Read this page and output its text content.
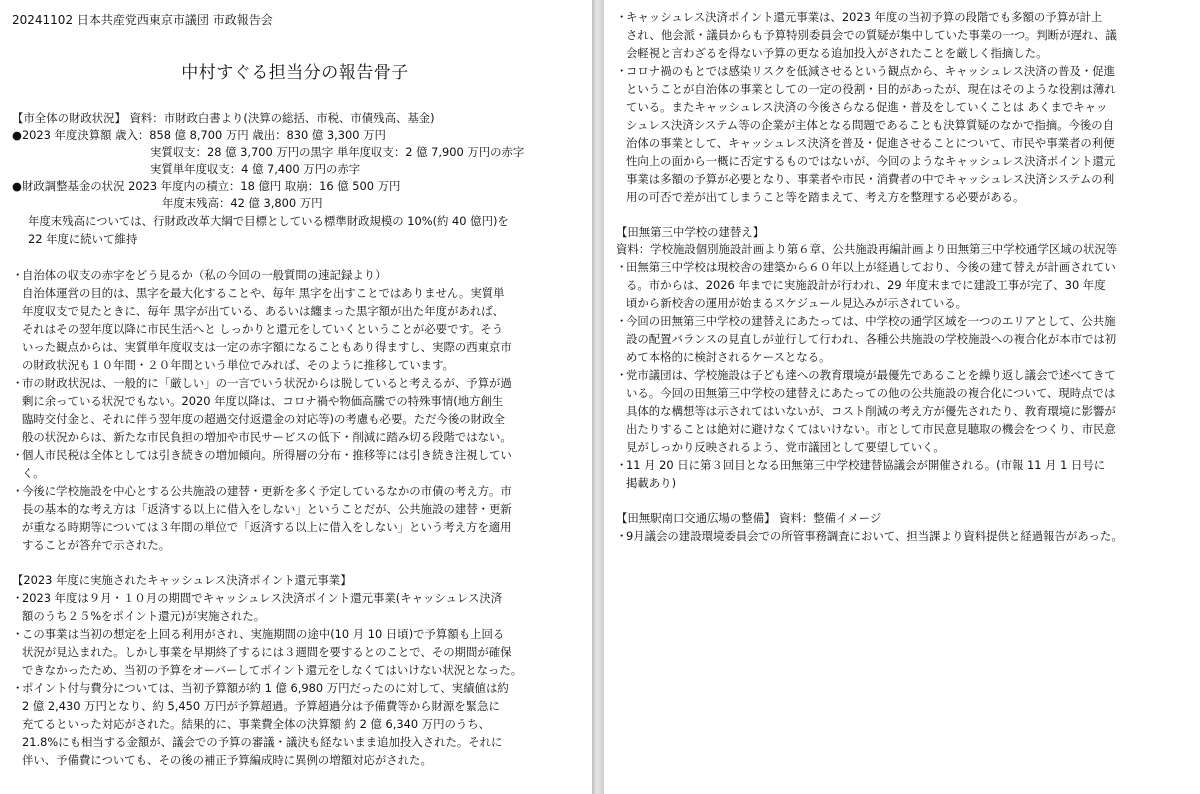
20241102 日本共産党西東京市議団 市政報告会
中村すぐる担当分の報告骨子
【市全体の財政状況】 資料：市財政白書より(決算の総括、市税、市債残高、基金)
●2023 年度決算額 歳入：858 億 8,700 万円 歳出：830 億 3,300 万円
実質収支：28 億 3,700 万円の黒字 単年度収支：2 億 7,900 万円の赤字
実質単年度収支：4 億 7,400 万円の赤字
●財政調整基金の状況 2023 年度内の積立：18 億円 取崩：16 億 500 万円
年度末残高：42 億 3,800 万円
年度末残高については、行財政改革大綱で目標としている標準財政規模の 10%(約 40 億円)を
22 年度に続いて維持
・
自治体の収支の赤字をどう見るか（私の今回の一般質問の速記録より）
自治体運営の目的は、黒字を最大化することや、毎年 黒字を出すことではありません。実質単
年度収支で見たときに、毎年 黒字が出ている、あるいは纏まった黒字額が出た年度があれば、
それはその翌年度以降に市民生活へと しっかりと還元をしていくということが必要です。そう
いった観点からは、実質単年度収支は一定の赤字額になることもあり得ますし、実際の西東京市
の財政状況も１０年間・２０年間という単位でみれば、そのように推移しています。
・
市の財政状況は、一般的に「厳しい」の一言でいう状況からは脱していると考えるが、予算が過
剰に余っている状況でもない。2020 年度以降は、コロナ禍や物価高騰での特殊事情(地方創生
臨時交付金と、それに伴う翌年度の超過交付返還金の対応等)の考慮も必要。ただ今後の財政全
般の状況からは、新たな市民負担の増加や市民サービスの低下・削減に踏み切る段階ではない。
・
個人市民税は全体としては引き続きの増加傾向。所得層の分布・推移等には引き続き注視してい
く。
・
今後に学校施設を中心とする公共施設の建替・更新を多く予定しているなかの市債の考え方。市
長の基本的な考え方は「返済する以上に借入をしない」ということだが、公共施設の建替・更新
が重なる時期等については３年間の単位で「返済する以上に借入をしない」という考え方を適用
することが答弁で示された。
【2023 年度に実施されたキャッシュレス決済ポイント還元事業】
・
2023 年度は９月・１０月の期間でキャッシュレス決済ポイント還元事業(キャッシュレス決済
額のうち２５%をポイント還元)が実施された。
・
この事業は当初の想定を上回る利用がされ、実施期間の途中(10 月 10 日頃)で予算額も上回る
状況が見込まれた。しかし事業を早期終了するには３週間を要するとのことで、その期間が確保
できなかったため、当初の予算をオーバーしてポイント還元をしなくてはいけない状況となった。
・
ポイント付与費分については、当初予算額が約 1 億 6,980 万円だったのに対して、実績値は約
2 億 2,430 万円となり、約 5,450 万円が予算超過。予算超過分は予備費等から財源を緊急に
充てるといった対応がされた。結果的に、事業費全体の決算額 約 2 億 6,340 万円のうち、
21.8%にも相当する金額が、議会での予算の審議・議決も経ないまま追加投入された。それに
伴い、予備費についても、その後の補正予算編成時に異例の増額対応がされた。
・
キャッシュレス決済ポイント還元事業は、2023 年度の当初予算の段階でも多額の予算が計上
され、他会派・議員からも予算特別委員会での質疑が集中していた事業の一つ。判断が遅れ、議
会軽視と言わざるを得ない予算の更なる追加投入がされたことを厳しく指摘した。
・
コロナ禍のもとでは感染リスクを低減させるという観点から、キャッシュレス決済の普及・促進
ということが自治体の事業としての一定の役割・目的があったが、現在はそのような役割は薄れ
ている。またキャッシュレス決済の今後さらなる促進・普及をしていくことは あくまでキャッ
シュレス決済システム等の企業が主体となる問題であることも決算質疑のなかで指摘。今後の自
治体の事業として、キャッシュレス決済を普及・促進させることについて、市民や事業者の利便
性向上の面から一概に否定するものではないが、今回のようなキャッシュレス決済ポイント還元
事業は多額の予算が必要となり、事業者や市民・消費者の中でキャッシュレス決済システムの利
用の可否で差が出てしまうこと等を踏まえて、考え方を整理する必要がある。
【田無第三中学校の建替え】
資料：学校施設個別施設計画より第６章、公共施設再編計画より田無第三中学校通学区域の状況等
・
田無第三中学校は現校舎の建築から６０年以上が経過しており、今後の建て替えが計画されてい
る。市からは、2026 年までに実施設計が行われ、29 年度末までに建設工事が完了、30 年度
頃から新校舎の運用が始まるスケジュール見込みが示されている。
・
今回の田無第三中学校の建替えにあたっては、中学校の通学区域を一つのエリアとして、公共施
設の配置バランスの見直しが並行して行われ、各種公共施設の学校施設への複合化が本市では初
めて本格的に検討されるケースとなる。
・
党市議団は、学校施設は子ども達への教育環境が最優先であることを繰り返し議会で述べてきて
いる。今回の田無第三中学校の建替えにあたっての他の公共施設の複合化について、現時点では
具体的な構想等は示されてはいないが、コスト削減の考え方が優先されたり、教育環境に影響が
出たりすることは絶対に避けなくてはいけない。市として市民意見聴取の機会をつくり、市民意
見がしっかり反映されるよう、党市議団として要望していく。
・
11 月 20 日に第３回目となる田無第三中学校建替協議会が開催される。(市報 11 月 1 日号に
掲載あり)
【田無駅南口交通広場の整備】 資料：整備イメージ
・
9月議会の建設環境委員会での所管事務調査において、担当課より資料提供と経過報告があった。
